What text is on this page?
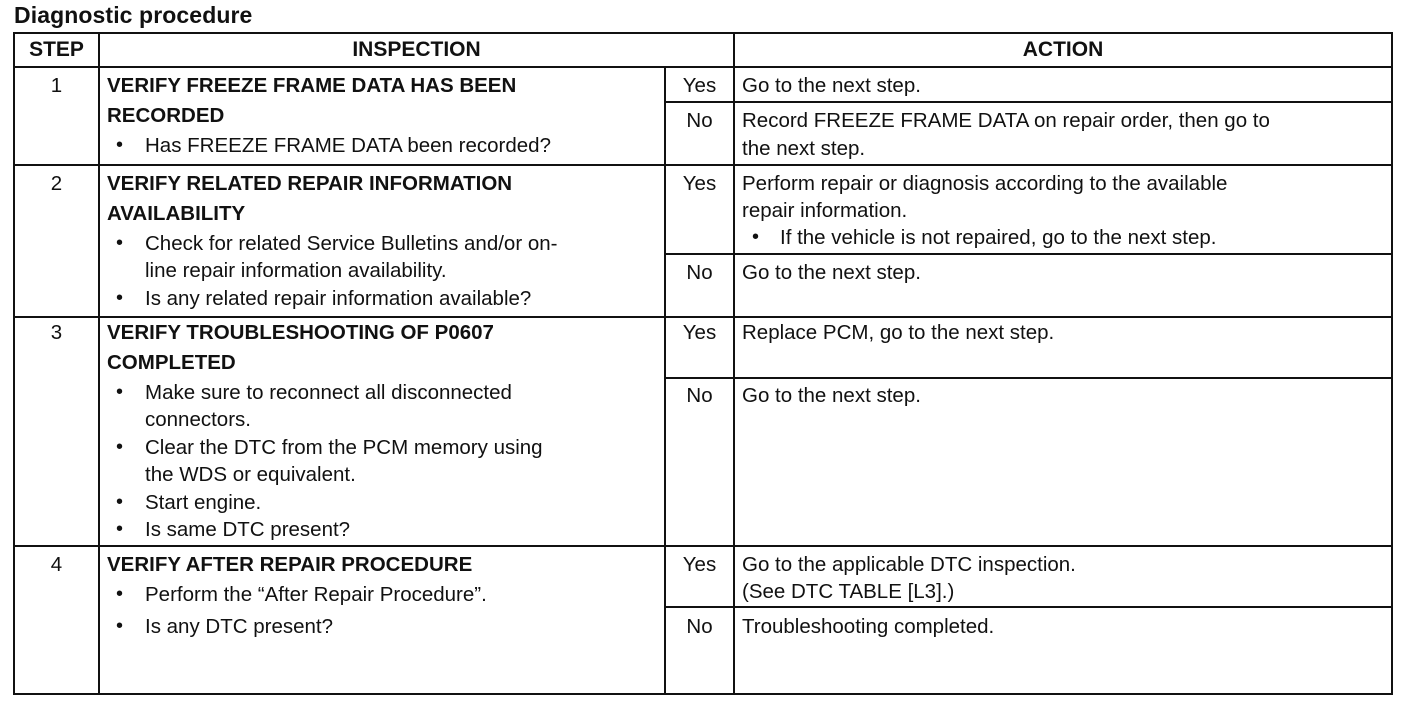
Diagnostic procedure
STEP	INSPECTION	ACTION
1	VERIFY FREEZE FRAME DATA HAS BEEN
RECORDED
• Has FREEZE FRAME DATA been recorded?
Yes	Go to the next step.
No	Record FREEZE FRAME DATA on repair order, then go to
the next step.
2	VERIFY RELATED REPAIR INFORMATION
AVAILABILITY
• Check for related Service Bulletins and/or on-
line repair information availability.
• Is any related repair information available?
Yes	Perform repair or diagnosis according to the available
repair information.
• If the vehicle is not repaired, go to the next step.
No	Go to the next step.
3	VERIFY TROUBLESHOOTING OF P0607
COMPLETED
• Make sure to reconnect all disconnected
connectors.
• Clear the DTC from the PCM memory using
the WDS or equivalent.
• Start engine.
• Is same DTC present?
Yes	Replace PCM, go to the next step.
No	Go to the next step.
4	VERIFY AFTER REPAIR PROCEDURE
• Perform the “After Repair Procedure”.
• Is any DTC present?
Yes	Go to the applicable DTC inspection.
(See DTC TABLE [L3].)
No	Troubleshooting completed.
